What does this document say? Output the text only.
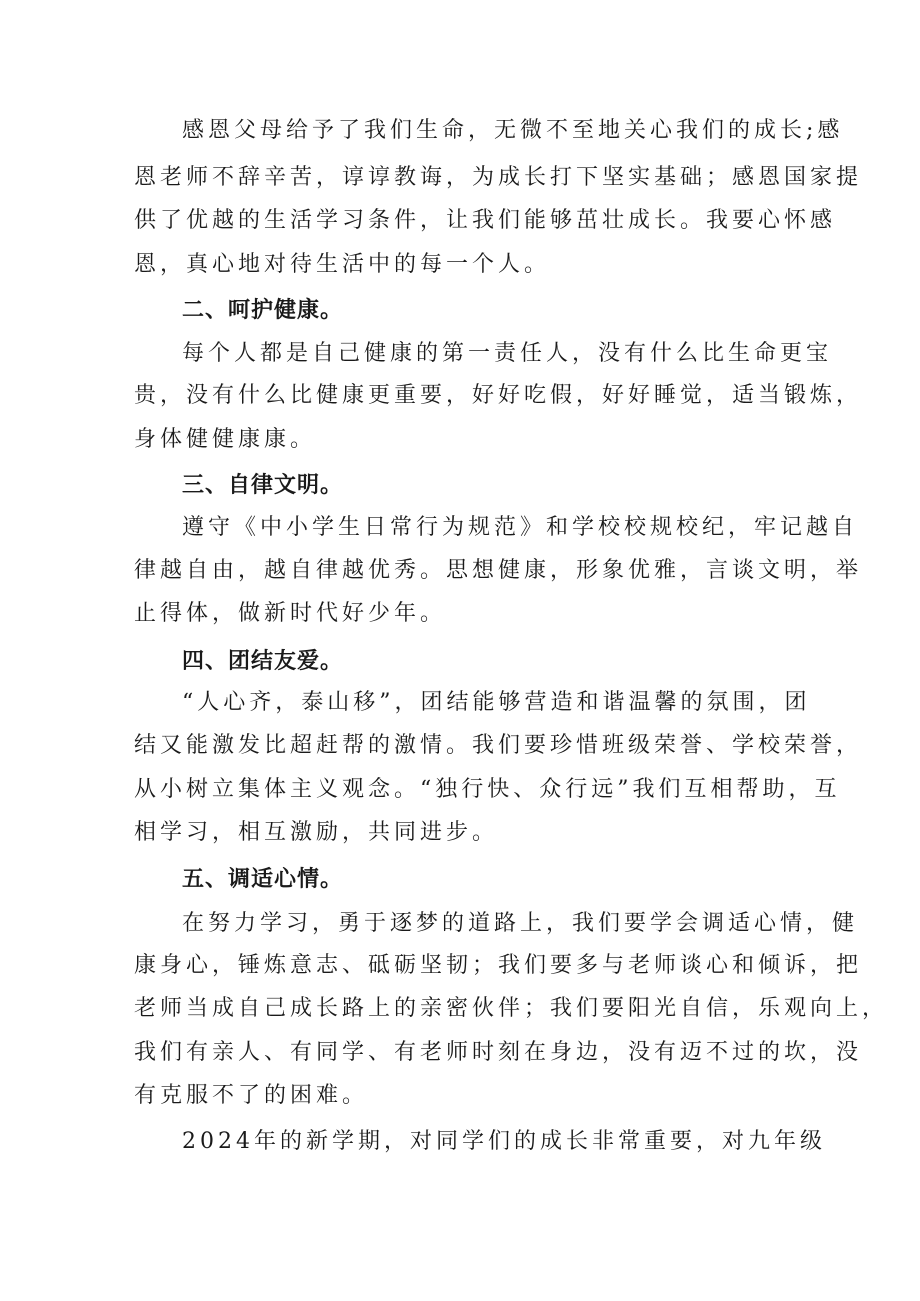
感恩父母给予了我们生命，无微不至地关心我们的成长;感
恩老师不辞辛苦，谆谆教诲，为成长打下坚实基础；感恩国家提
供了优越的生活学习条件，让我们能够茁壮成长。我要心怀感
恩，真心地对待生活中的每一个人。
二、呵护健康。
每个人都是自己健康的第一责任人，没有什么比生命更宝
贵，没有什么比健康更重要，好好吃假，好好睡觉，适当锻炼，
身体健健康康。
三、自律文明。
遵守《中小学生日常行为规范》和学校校规校纪，牢记越自
律越自由，越自律越优秀。思想健康，形象优雅，言谈文明，举
止得体，做新时代好少年。
四、团结友爱。
“人心齐，泰山移”，团结能够营造和谐温馨的氛围，团
结又能激发比超赶帮的激情。我们要珍惜班级荣誉、学校荣誉，
从小树立集体主义观念。“独行快、众行远”我们互相帮助，互
相学习，相互激励，共同进步。
五、调适心情。
在努力学习，勇于逐梦的道路上，我们要学会调适心情，健
康身心，锤炼意志、砥砺坚韧；我们要多与老师谈心和倾诉，把
老师当成自己成长路上的亲密伙伴；我们要阳光自信，乐观向上，
我们有亲人、有同学、有老师时刻在身边，没有迈不过的坎，没
有克服不了的困难。
2024年的新学期，对同学们的成长非常重要，对九年级
